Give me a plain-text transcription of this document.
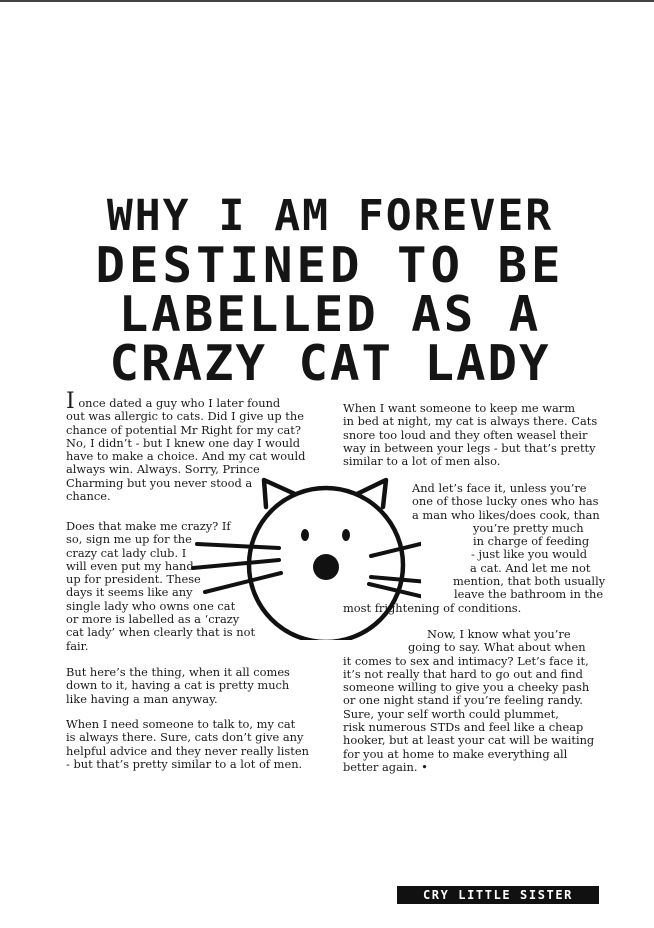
WHY I AM FOREVER
DESTINED TO BE
LABELLED AS A
CRAZY CAT LADY

I once dated a guy who I later found

out was allergic to cats. Did I give up the

chance of potential Mr Right for my cat?

No, I didn’t - but I knew one day I would

have to make a choice. And my cat would

always win. Always. Sorry, Prince

Charming but you never stood a

chance.

Does that make me crazy? If

so, sign me up for the

crazy cat lady club. I

will even put my hand

up for president. These

days it seems like any

single lady who owns one cat

or more is labelled as a ‘crazy

cat lady’ when clearly that is not

fair.

But here’s the thing, when it all comes

down to it, having a cat is pretty much

like having a man anyway.

When I need someone to talk to, my cat

is always there. Sure, cats don’t give any

helpful advice and they never really listen

- but that’s pretty similar to a lot of men.

When I want someone to keep me warm

in bed at night, my cat is always there. Cats

snore too loud and they often weasel their

way in between your legs - but that’s pretty

similar to a lot of men also.

And let’s face it, unless you’re

one of those lucky ones who has

a man who likes/does cook, than

you’re pretty much

in charge of feeding

- just like you would

a cat. And let me not

mention, that both usually

leave the bathroom in the

most frightening of conditions.

Now, I know what you’re

going to say. What about when

it comes to sex and intimacy? Let’s face it,

it’s not really that hard to go out and find

someone willing to give you a cheeky pash

or one night stand if you’re feeling randy.

Sure, your self worth could plummet,

risk numerous STDs and feel like a cheap

hooker, but at least your cat will be waiting

for you at home to make everything all

better again. •

CRY LITTLE SISTER
